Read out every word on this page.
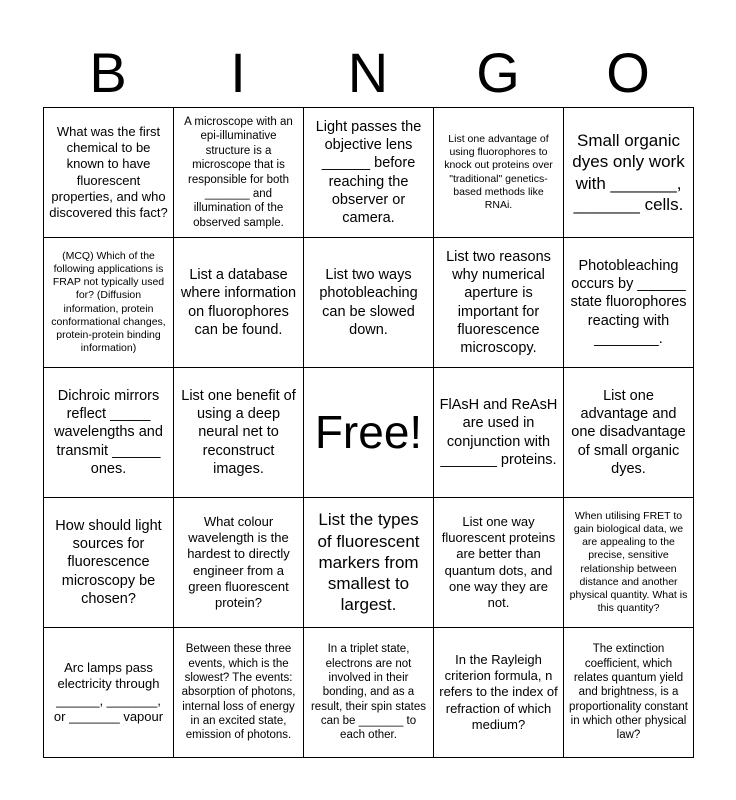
B	I	N	G	O
What was the first chemical to be known to have fluorescent properties, and who discovered this fact?
A microscope with an epi-illuminative structure is a microscope that is responsible for both _______ and illumination of the observed sample.
Light passes the objective lens ______ before reaching the observer or camera.
List one advantage of using fluorophores to knock out proteins over "traditional" genetics-based methods like RNAi.
Small organic dyes only work with _______, _______ cells.
(MCQ) Which of the following applications is FRAP not typically used for? (Diffusion information, protein conformational changes, protein-protein binding information)
List a database where information on fluorophores can be found.
List two ways photobleaching can be slowed down.
List two reasons why numerical aperture is important for fluorescence microscopy.
Photobleaching occurs by ______ state fluorophores reacting with ________.
Dichroic mirrors reflect _____ wavelengths and transmit ______ ones.
List one benefit of using a deep neural net to reconstruct images.
Free!
FlAsH and ReAsH are used in conjunction with _______ proteins.
List one advantage and one disadvantage of small organic dyes.
How should light sources for fluorescence microscopy be chosen?
What colour wavelength is the hardest to directly engineer from a green fluorescent protein?
List the types of fluorescent markers from smallest to largest.
List one way fluorescent proteins are better than quantum dots, and one way they are not.
When utilising FRET to gain biological data, we are appealing to the precise, sensitive relationship between distance and another physical quantity. What is this quantity?
Arc lamps pass electricity through ______, _______, or _______ vapour
Between these three events, which is the slowest? The events: absorption of photons, internal loss of energy in an excited state, emission of photons.
In a triplet state, electrons are not involved in their bonding, and as a result, their spin states can be _______ to each other.
In the Rayleigh criterion formula, n refers to the index of refraction of which medium?
The extinction coefficient, which relates quantum yield and brightness, is a proportionality constant in which other physical law?
